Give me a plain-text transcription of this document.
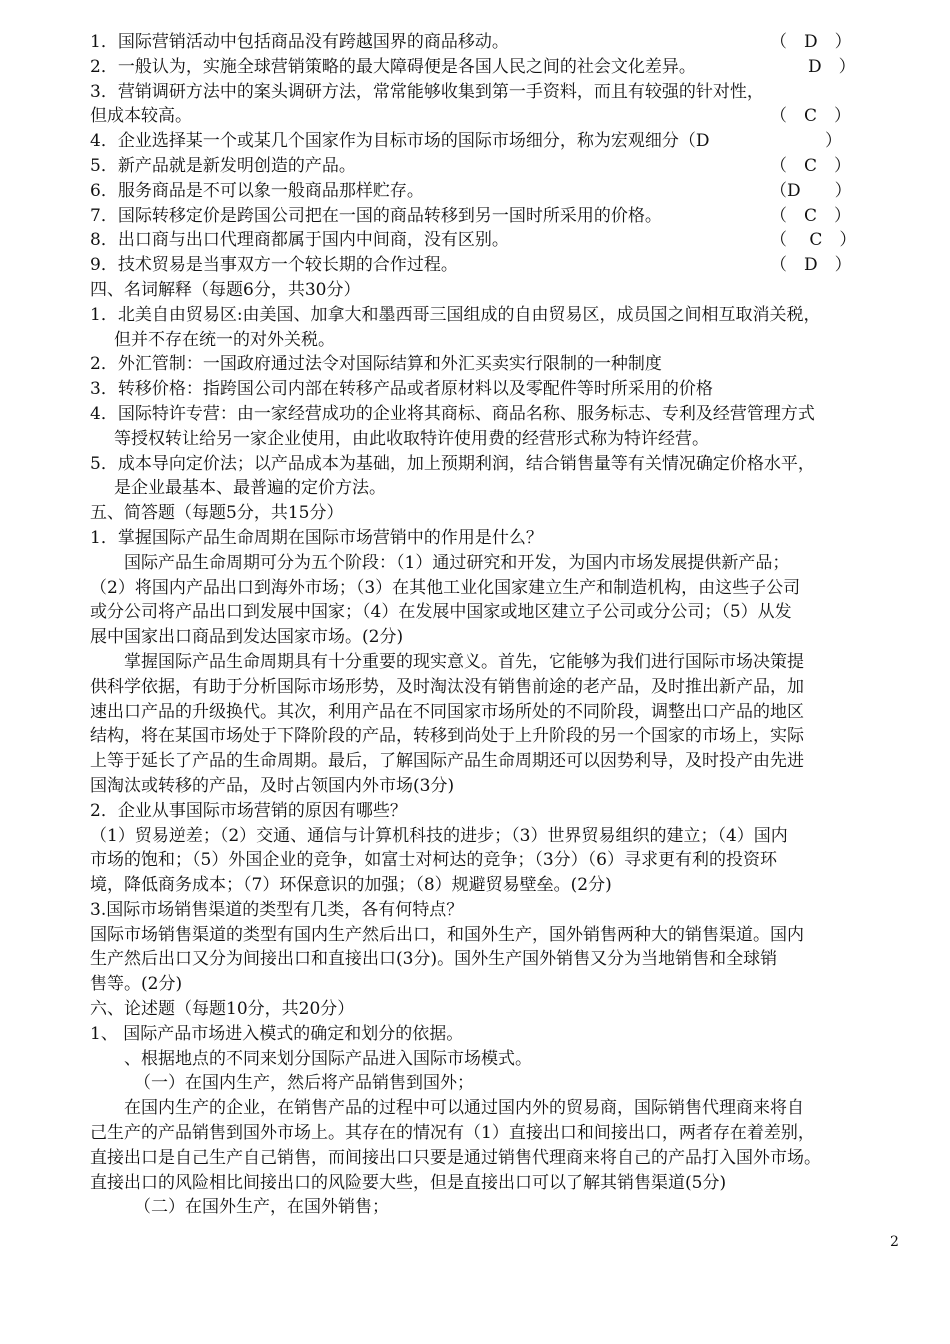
1．国际营销活动中包括商品没有跨越国界的商品移动。	（　D　）
2．一般认为，实施全球营销策略的最大障碍便是各国人民之间的社会文化差异。	D　）
3．营销调研方法中的案头调研方法，常常能够收集到第一手资料，而且有较强的针对性，
但成本较高。	（　C　）
4．企业选择某一个或某几个国家作为目标市场的国际市场细分，称为宏观细分（D	）
5．新产品就是新发明创造的产品。	（　C　）
6．服务商品是不可以象一般商品那样贮存。	（D　　）
7．国际转移定价是跨国公司把在一国的商品转移到另一国时所采用的价格。	（　C　）
8．出口商与出口代理商都属于国内中间商，没有区别。	（　 C　）
9．技术贸易是当事双方一个较长期的合作过程。	（　D　）
四、名词解释（每题6分，共30分）
1．北美自由贸易区:由美国、加拿大和墨西哥三国组成的自由贸易区，成员国之间相互取消关税，
但并不存在统一的对外关税。
2．外汇管制：一国政府通过法令对国际结算和外汇买卖实行限制的一种制度
3．转移价格：指跨国公司内部在转移产品或者原材料以及零配件等时所采用的价格
4．国际特许专营：由一家经营成功的企业将其商标、商品名称、服务标志、专利及经营管理方式
等授权转让给另一家企业使用，由此收取特许使用费的经营形式称为特许经营。
5．成本导向定价法；以产品成本为基础，加上预期利润，结合销售量等有关情况确定价格水平，
是企业最基本、最普遍的定价方法。
五、简答题（每题5分，共15分）
1．掌握国际产品生命周期在国际市场营销中的作用是什么？
国际产品生命周期可分为五个阶段：（1）通过研究和开发，为国内市场发展提供新产品；
（2）将国内产品出口到海外市场；（3）在其他工业化国家建立生产和制造机构，由这些子公司
或分公司将产品出口到发展中国家；（4）在发展中国家或地区建立子公司或分公司；（5）从发
展中国家出口商品到发达国家市场。(2分)
掌握国际产品生命周期具有十分重要的现实意义。首先，它能够为我们进行国际市场决策提
供科学依据，有助于分析国际市场形势，及时淘汰没有销售前途的老产品，及时推出新产品，加
速出口产品的升级换代。其次，利用产品在不同国家市场所处的不同阶段，调整出口产品的地区
结构，将在某国市场处于下降阶段的产品，转移到尚处于上升阶段的另一个国家的市场上，实际
上等于延长了产品的生命周期。最后，了解国际产品生命周期还可以因势利导，及时投产由先进
国淘汰或转移的产品，及时占领国内外市场(3分)
2．企业从事国际市场营销的原因有哪些？
（1）贸易逆差；（2）交通、通信与计算机科技的进步；（3）世界贸易组织的建立；（4）国内
市场的饱和；（5）外国企业的竞争，如富士对柯达的竞争；（3分）（6）寻求更有利的投资环
境，降低商务成本；（7）环保意识的加强；（8）规避贸易壁垒。(2分)
3.国际市场销售渠道的类型有几类，各有何特点？
国际市场销售渠道的类型有国内生产然后出口，和国外生产，国外销售两种大的销售渠道。国内
生产然后出口又分为间接出口和直接出口(3分)。国外生产国外销售又分为当地销售和全球销
售等。(2分)
六、论述题（每题10分，共20分）
1、 国际产品市场进入模式的确定和划分的依据。
、根据地点的不同来划分国际产品进入国际市场模式。
（一）在国内生产，然后将产品销售到国外；
在国内生产的企业，在销售产品的过程中可以通过国内外的贸易商，国际销售代理商来将自
己生产的产品销售到国外市场上。其存在的情况有（1）直接出口和间接出口，两者存在着差别，
直接出口是自己生产自己销售，而间接出口只要是通过销售代理商来将自己的产品打入国外市场。
直接出口的风险相比间接出口的风险要大些，但是直接出口可以了解其销售渠道(5分)
（二）在国外生产，在国外销售；
2
